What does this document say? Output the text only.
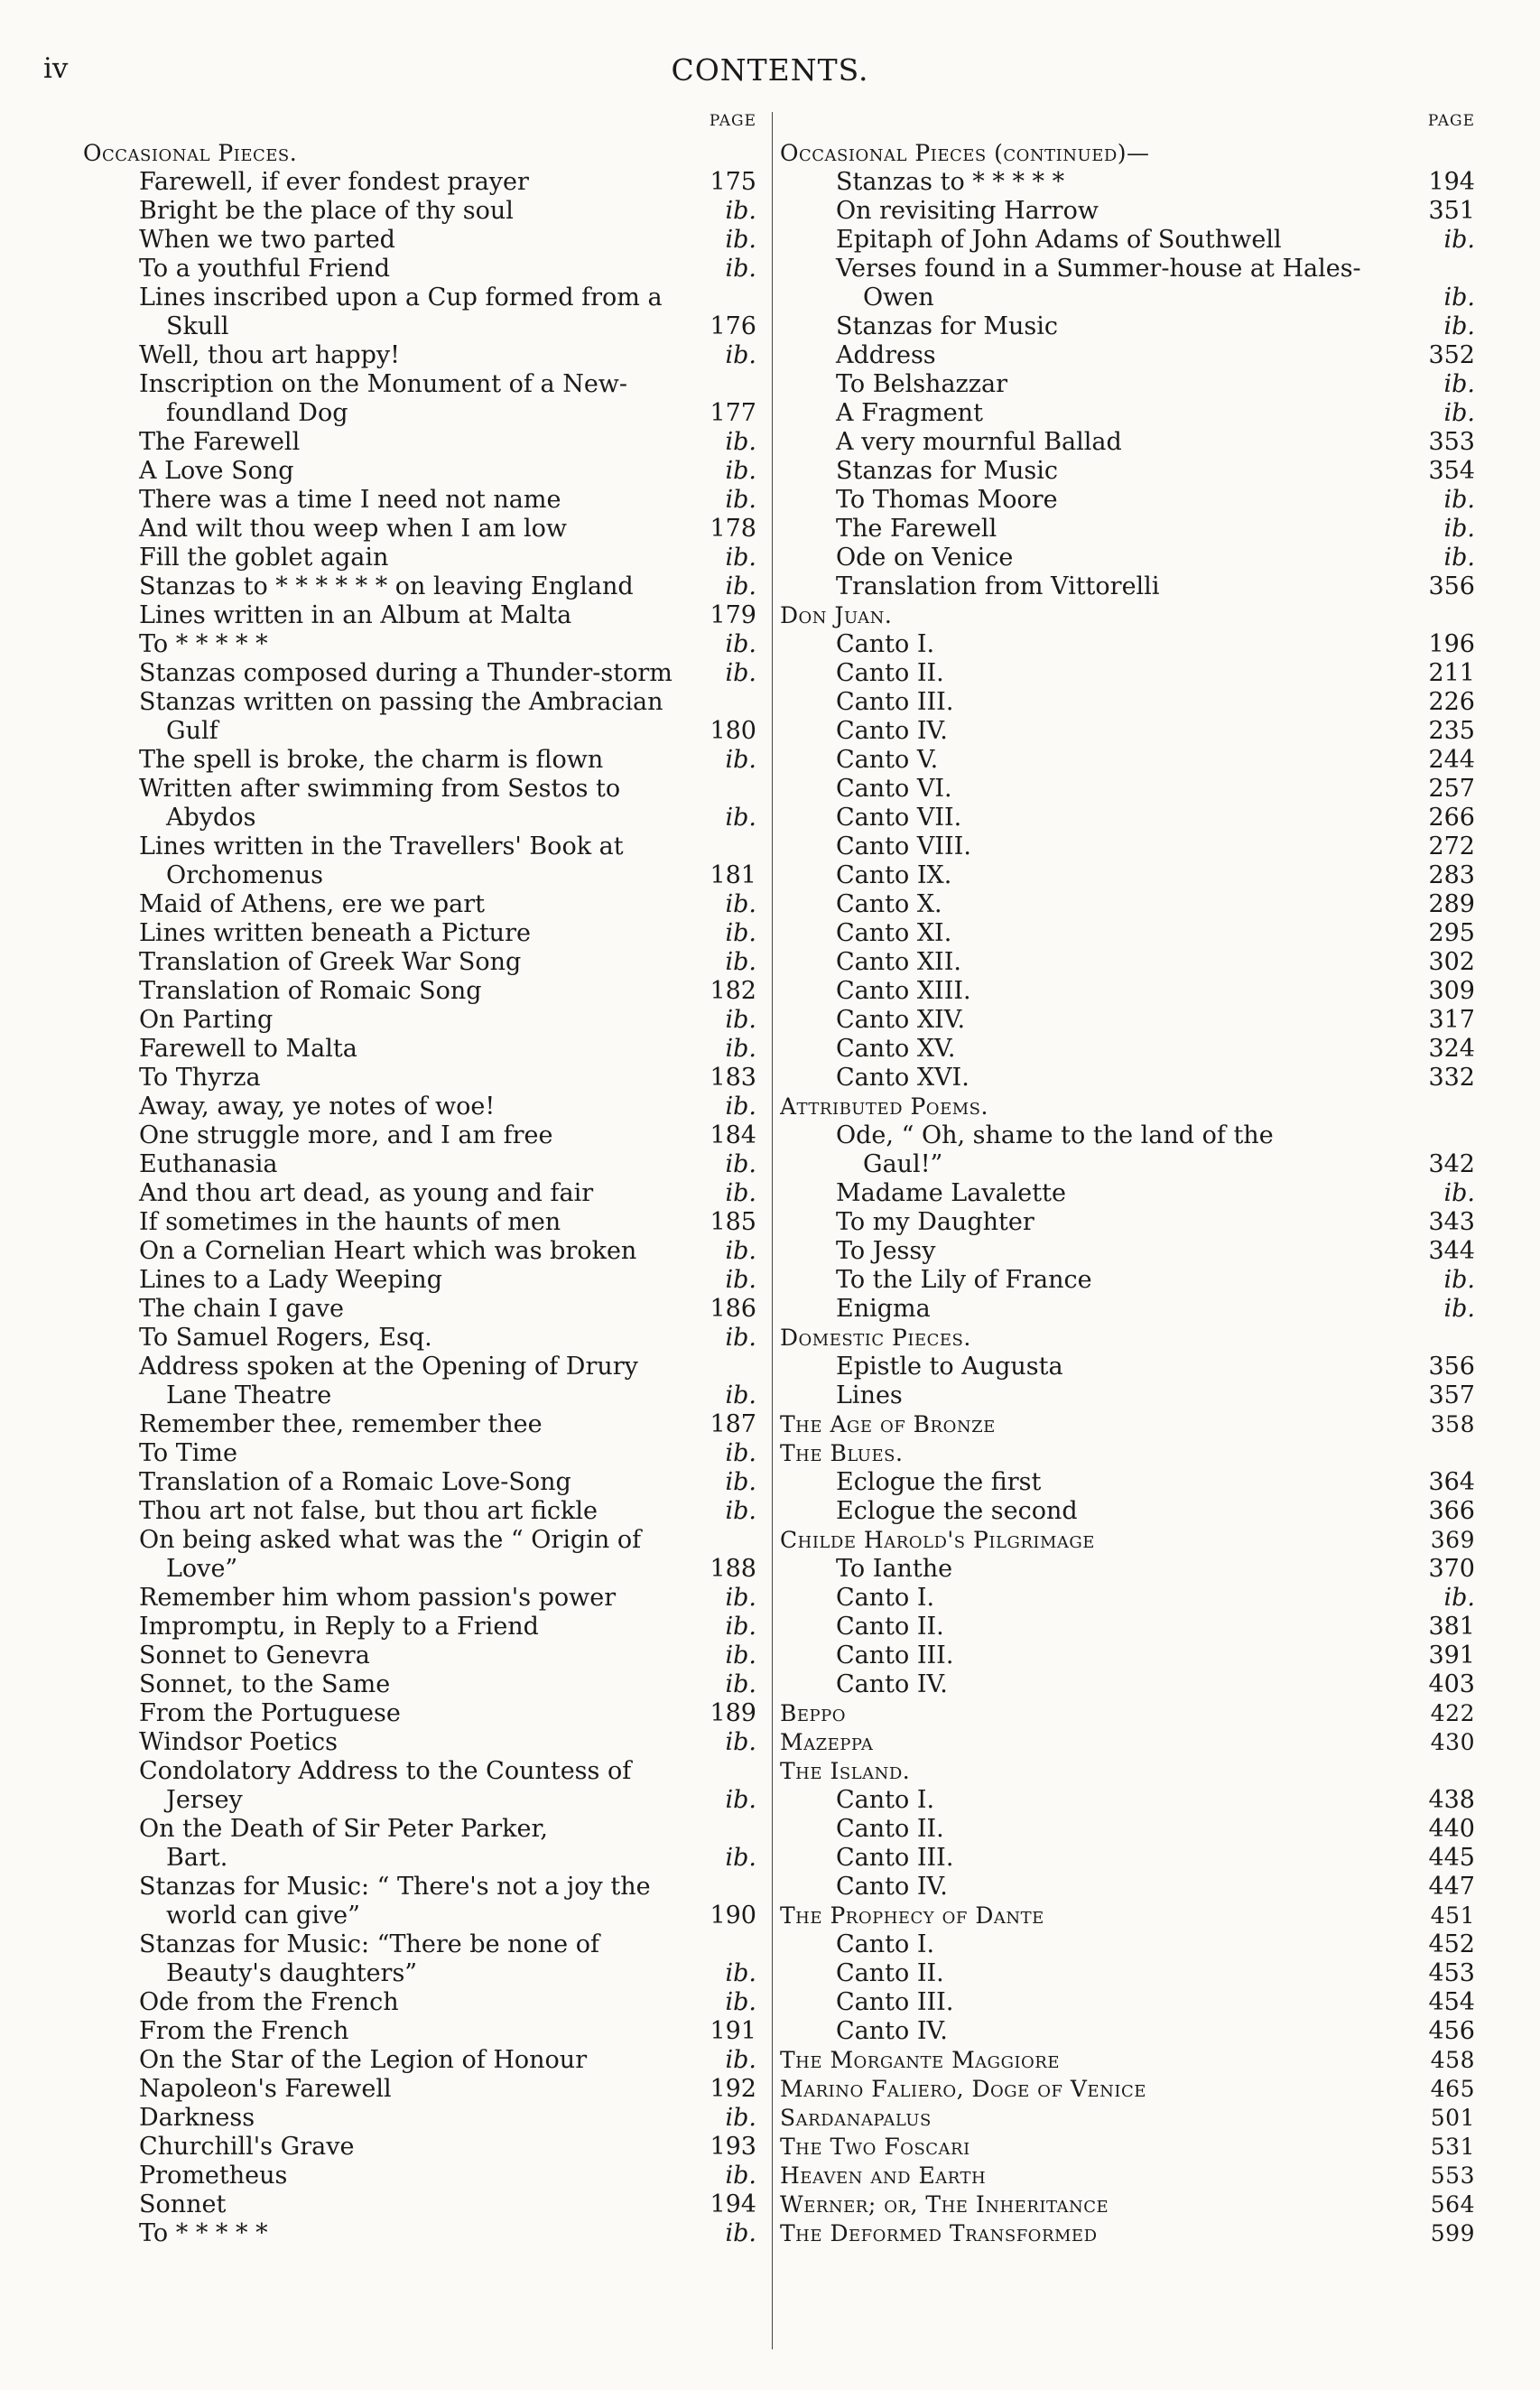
iv	CONTENTS.
PAGE
Occasional Pieces.
Farewell, if ever fondest prayer	175
Bright be the place of thy soul	ib.
When we two parted	ib.
To a youthful Friend	ib.
Lines inscribed upon a Cup formed from a
Skull	176
Well, thou art happy!	ib.
Inscription on the Monument of a New-
foundland Dog	177
The Farewell	ib.
A Love Song	ib.
There was a time I need not name	ib.
And wilt thou weep when I am low	178
Fill the goblet again	ib.
Stanzas to * * * * * * on leaving England	ib.
Lines written in an Album at Malta	179
To * * * * *	ib.
Stanzas composed during a Thunder-storm	ib.
Stanzas written on passing the Ambracian
Gulf	180
The spell is broke, the charm is flown	ib.
Written after swimming from Sestos to
Abydos	ib.
Lines written in the Travellers' Book at
Orchomenus	181
Maid of Athens, ere we part	ib.
Lines written beneath a Picture	ib.
Translation of Greek War Song	ib.
Translation of Romaic Song	182
On Parting	ib.
Farewell to Malta	ib.
To Thyrza	183
Away, away, ye notes of woe!	ib.
One struggle more, and I am free	184
Euthanasia	ib.
And thou art dead, as young and fair	ib.
If sometimes in the haunts of men	185
On a Cornelian Heart which was broken	ib.
Lines to a Lady Weeping	ib.
The chain I gave	186
To Samuel Rogers, Esq.	ib.
Address spoken at the Opening of Drury
Lane Theatre	ib.
Remember thee, remember thee	187
To Time	ib.
Translation of a Romaic Love-Song	ib.
Thou art not false, but thou art fickle	ib.
On being asked what was the “ Origin of
Love”	188
Remember him whom passion's power	ib.
Impromptu, in Reply to a Friend	ib.
Sonnet to Genevra	ib.
Sonnet, to the Same	ib.
From the Portuguese	189
Windsor Poetics	ib.
Condolatory Address to the Countess of
Jersey	ib.
On the Death of Sir Peter Parker,
Bart.	ib.
Stanzas for Music: “ There's not a joy the
world can give”	190
Stanzas for Music: “There be none of
Beauty's daughters”	ib.
Ode from the French	ib.
From the French	191
On the Star of the Legion of Honour	ib.
Napoleon's Farewell	192
Darkness	ib.
Churchill's Grave	193
Prometheus	ib.
Sonnet	194
To * * * * *	ib.
PAGE
Occasional Pieces (continued)—
Stanzas to * * * * *	194
On revisiting Harrow	351
Epitaph of John Adams of Southwell	ib.
Verses found in a Summer-house at Hales-
Owen	ib.
Stanzas for Music	ib.
Address	352
To Belshazzar	ib.
A Fragment	ib.
A very mournful Ballad	353
Stanzas for Music	354
To Thomas Moore	ib.
The Farewell	ib.
Ode on Venice	ib.
Translation from Vittorelli	356
Don Juan.
Canto I.	196
Canto II.	211
Canto III.	226
Canto IV.	235
Canto V.	244
Canto VI.	257
Canto VII.	266
Canto VIII.	272
Canto IX.	283
Canto X.	289
Canto XI.	295
Canto XII.	302
Canto XIII.	309
Canto XIV.	317
Canto XV.	324
Canto XVI.	332
Attributed Poems.
Ode, “ Oh, shame to the land of the
Gaul!”	342
Madame Lavalette	ib.
To my Daughter	343
To Jessy	344
To the Lily of France	ib.
Enigma	ib.
Domestic Pieces.
Epistle to Augusta	356
Lines	357
The Age of Bronze	358
The Blues.
Eclogue the first	364
Eclogue the second	366
Childe Harold's Pilgrimage	369
To Ianthe	370
Canto I.	ib.
Canto II.	381
Canto III.	391
Canto IV.	403
Beppo	422
Mazeppa	430
The Island.
Canto I.	438
Canto II.	440
Canto III.	445
Canto IV.	447
The Prophecy of Dante	451
Canto I.	452
Canto II.	453
Canto III.	454
Canto IV.	456
The Morgante Maggiore	458
Marino Faliero, Doge of Venice	465
Sardanapalus	501
The Two Foscari	531
Heaven and Earth	553
Werner; or, The Inheritance	564
The Deformed Transformed	599
